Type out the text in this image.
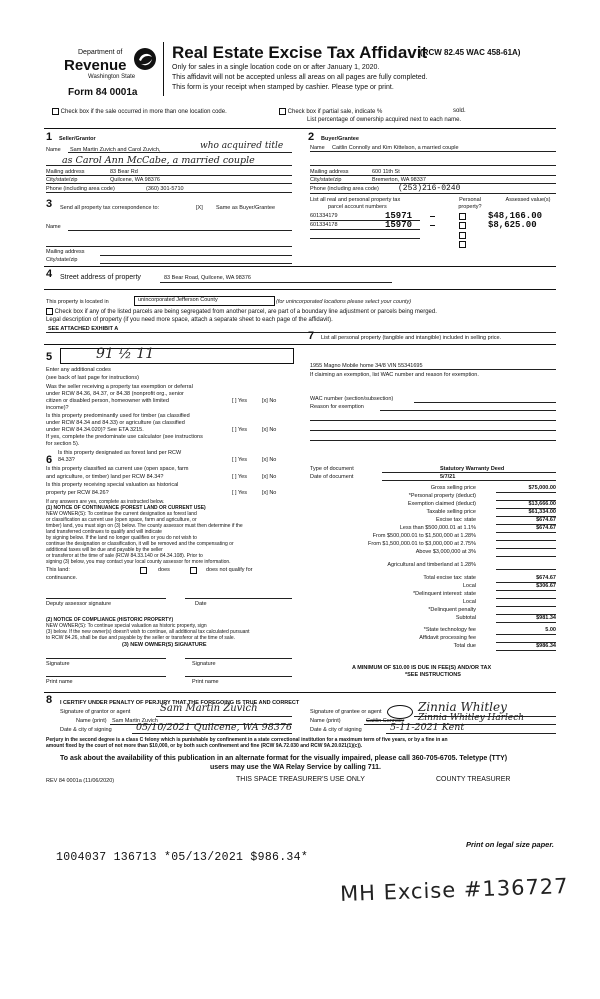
Department of
Revenue
Washington State
Form 84 0001a
Real Estate Excise Tax Affidavit
(RCW 82.45 WAC 458-61A)
Only for sales in a single location code on or after January 1, 2020.
This affidavit will not be accepted unless all areas on all pages are fully completed.
This form is your receipt when stamped by cashier. Please type or print.
Check box if the sale occurred in more than one location code.	Check box if partial sale, indicate %	sold.
List percentage of ownership acquired next to each name.
1 Seller/Grantor
Name Sam Martin Zuvich and Carol Zuvich,	who acquired title
as Carol Ann McCabe, a married couple
Mailing address	83 Bear Rd
City/state/zip	Quilcene, WA 98376
Phone (including area code)	(360) 301-5710
2 Buyer/Grantee
Name Caitlin Connolly and Kim Kittelson, a married couple
Mailing address	600 11th St
City/state/zip	Bremerton, WA 98337
Phone (including area code) (253)216-0240
3 Send all property tax correspondence to:	[X] Same as Buyer/Grantee
Name
Mailing address
City/state/zip
List all real and personal property tax
parcel account numbers
Personal property?
Assessed value(s)
601334179	15971	$48,166.00
601334178	15970	$8,625.00
4 Street address of property	83 Bear Road, Quilcene, WA 98376
This property is located in	unincorporated Jefferson County	(for unincorporated locations please select your county)
Check box if any of the listed parcels are being segregated from another parcel, are part of a boundary line adjustment or parcels being merged.
Legal description of property (if you need more space, attach a separate sheet to each page of the affidavit).
SEE ATTACHED EXHIBIT A
5	91 ½ 11
Enter any additional codes
(see back of last page for instructions)
Was the seller receiving a property tax exemption or deferral
under RCW 84.36, 84.37, or 84.38 (nonprofit org., senior
citizen or disabled person, homeowner with limited
income)?
[ ] Yes	[x] No
Is this property predominantly used for timber (as classified
under RCW 84.34 and 84.33) or agriculture (as classified
under RCW 84.34.020)? See ETA 3215.	[ ] Yes	[x] No
If yes, complete the predominate use calculator (see instructions
for section 5).
6
Is this property designated as forest land per RCW
84.33?	[ ] Yes	[x] No
Is this property classified as current use (open space, farm
and agriculture, or timber) land per RCW 84.34?	[ ] Yes	[x] No
Is this property receiving special valuation as historical
property per RCW 84.26?	[ ] Yes	[x] No
If any answers are yes, complete as instructed below.
(1) NOTICE OF CONTINUANCE (FOREST LAND OR CURRENT USE)
NEW OWNER(S): To continue the current designation as forest land
or classification as current use (open space, farm and agriculture, or
timber) land, you must sign on (3) below. The county assessor must then determine if the
land transferred continues to qualify and will indicate
by signing below. If the land no longer qualifies or you do not wish to
continue the designation or classification, it will be removed and the compensating or
additional taxes will be due and payable by the seller
or transferor at the time of sale (RCW 84.33.140 or 84.34.108). Prior to
signing (3) below, you may contact your local county assessor for more information.
This land:	does	does not qualify for
continuance.
Deputy assessor signature	Date
(2) NOTICE OF COMPLIANCE (HISTORIC PROPERTY)
NEW OWNER(S): To continue special valuation as historic property, sign
(3) below. If the new owner(s) doesn't wish to continue, all additional tax calculated pursuant
to RCW 84.26, shall be due and payable by the seller or transferor at the time of sale.
(3) NEW OWNER(S) SIGNATURE
Signature	Signature
Print name	Print name
7 List all personal property (tangible and intangible) included in selling price.
1955 Magno Mobile home 34/8 VIN 55341695
If claiming an exemption, list WAC number and reason for exemption.
WAC number (section/subsection)
Reason for exemption
Type of document	Statutory Warranty Deed
Date of document	5/7/21
Gross selling price	$75,000.00
*Personal property (deduct)
Exemption claimed (deduct)	$13,666.00
Taxable selling price	$61,334.00
Excise tax: state	$674.67
Less than $500,000.01 at 1.1%	$674.67
From $500,000.01 to $1,500,000 at 1.28%
From $1,500,000.01 to $3,000,000 at 2.75%
Above $3,000,000 at 3%
Agricultural and timberland at 1.28%
Total excise tax: state	$674.67
Local	$306.67
*Delinquent interest: state
Local
*Delinquent penalty
Subtotal	$981.34
*State technology fee	5.00
Affidavit processing fee
Total due	$986.34
A MINIMUM OF $10.00 IS DUE IN FEE(S) AND/OR TAX
*SEE INSTRUCTIONS
8 I CERTIFY UNDER PENALTY OF PERJURY THAT THE FOREGOING IS TRUE AND CORRECT
Signature of grantor or agent	Sam Martin Zuvich
Name (print) Sam Martin Zuvich
Date & city of signing	05/10/2021 Quilcene, WA 98376
Signature of grantee or agent	Zinnia Whitley
Name (print)	Caitlin Connolly Zinnia Whitley Harlech
Date & city of signing	5-11-2021 Kent
Perjury in the second degree is a class C felony which is punishable by confinement in a state correctional institution for a maximum term of five years, or by a fine in an
amount fixed by the court of not more than $10,000, or by both such confinement and fine (RCW 9A.72.030 and RCW 9A.20.021(1)(c)).
To ask about the availability of this publication in an alternate format for the visually impaired, please call 360-705-6705. Teletype (TTY)
users may use the WA Relay Service by calling 711.
REV 84 0001a (11/06/2020)	THIS SPACE TREASURER'S USE ONLY	COUNTY TREASURER
Print on legal size paper.
1004037 136713 *05/13/2021 $986.34*
MH Excise #136727
